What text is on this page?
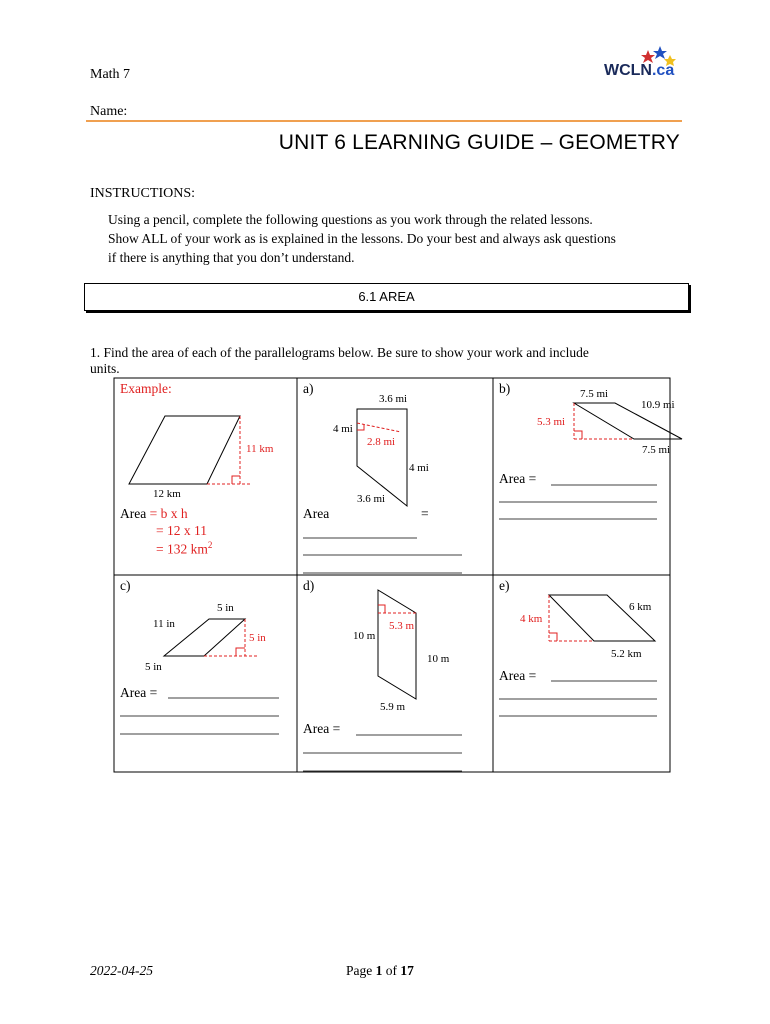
Math 7
Name:
WCLN.ca
UNIT 6 LEARNING GUIDE – GEOMETRY
INSTRUCTIONS:
Using a pencil, complete the following questions as you work through the related lessons.
Show ALL of your work as is explained in the lessons. Do your best and always ask questions
if there is anything that you don’t understand.
6.1 AREA
1. Find the area of each of the parallelograms below. Be sure to show your work and include
units.
Example:
11 km
12 km
Area = b x h
= 12 x 11
= 132 $km^2$
a)
3.6 mi
4 mi
2.8 mi
4 mi
3.6 mi
Area	=
b)	7.5 mi
10.9 mi
5.3 mi
7.5 mi
Area =
c)
5 in
11 in
5 in
5 in
Area =
d)
10 m
5.3 m
10 m
5.9 m
Area =
e)
6 km
4 km
5.2 km
Area =
2022-04-25	Page 1 of 17
